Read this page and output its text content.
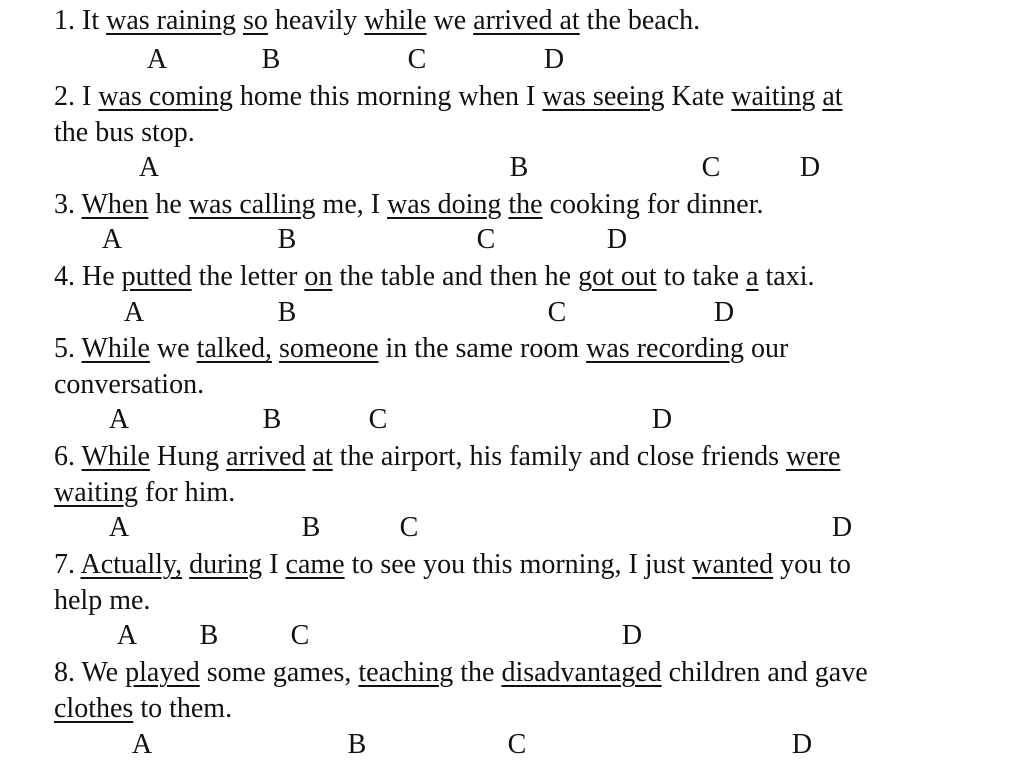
1. It was raining so heavily while we arrived at the beach.
A	B	C	D
2. I was coming home this morning when I was seeing Kate waiting at
the bus stop.
A	B	C	D
3. When he was calling me, I was doing the cooking for dinner.
A	B	C	D
4. He putted the letter on the table and then he got out to take a taxi.
A	B	C	D
5. While we talked, someone in the same room was recording our
conversation.
A	B	C	D
6. While Hung arrived at the airport, his family and close friends were
waiting for him.
A	B	C	D
7. Actually, during I came to see you this morning, I just wanted you to
help me.
A B	C	D
8. We played some games, teaching the disadvantaged children and gave
clothes to them.
A	B	C	D
